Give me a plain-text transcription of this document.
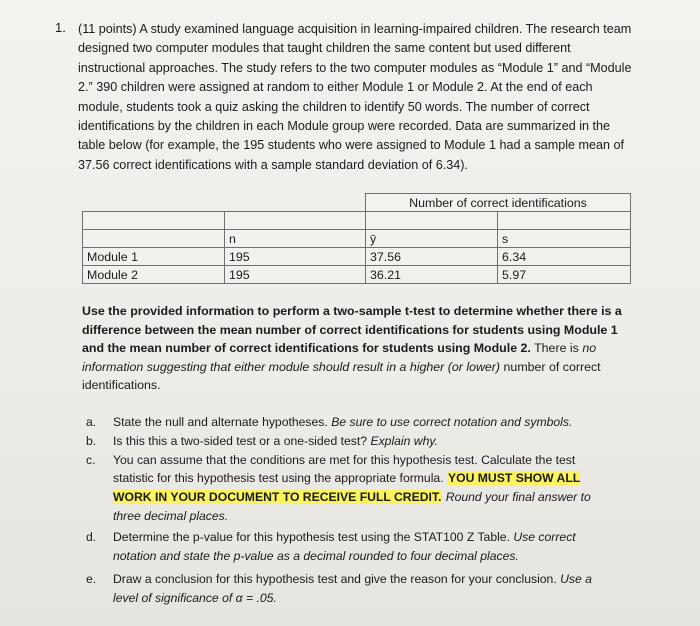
1. (11 points) A study examined language acquisition in learning-impaired children. The research team designed two computer modules that taught children the same content but used different instructional approaches. The study refers to the two computer modules as “Module 1” and “Module 2.” 390 children were assigned at random to either Module 1 or Module 2. At the end of each module, students took a quiz asking the children to identify 50 words. The number of correct identifications by the children in each Module group were recorded. Data are summarized in the table below (for example, the 195 students who were assigned to Module 1 had a sample mean of 37.56 correct identifications with a sample standard deviation of 6.34).
		Number of correct identifications	

	n	ȳ	s
Module 1	195	37.56	6.34
Module 2	195	36.21	5.97
Use the provided information to perform a two-sample t-test to determine whether there is a difference between the mean number of correct identifications for students using Module 1 and the mean number of correct identifications for students using Module 2. There is no information suggesting that either module should result in a higher (or lower) number of correct identifications.
a. State the null and alternate hypotheses. Be sure to use correct notation and symbols.
b. Is this this a two-sided test or a one-sided test? Explain why.
c. You can assume that the conditions are met for this hypothesis test. Calculate the test statistic for this hypothesis test using the appropriate formula. YOU MUST SHOW ALL WORK IN YOUR DOCUMENT TO RECEIVE FULL CREDIT. Round your final answer to three decimal places.
d. Determine the p-value for this hypothesis test using the STAT100 Z Table. Use correct notation and state the p-value as a decimal rounded to four decimal places.
e. Draw a conclusion for this hypothesis test and give the reason for your conclusion. Use a level of significance of α = .05.
